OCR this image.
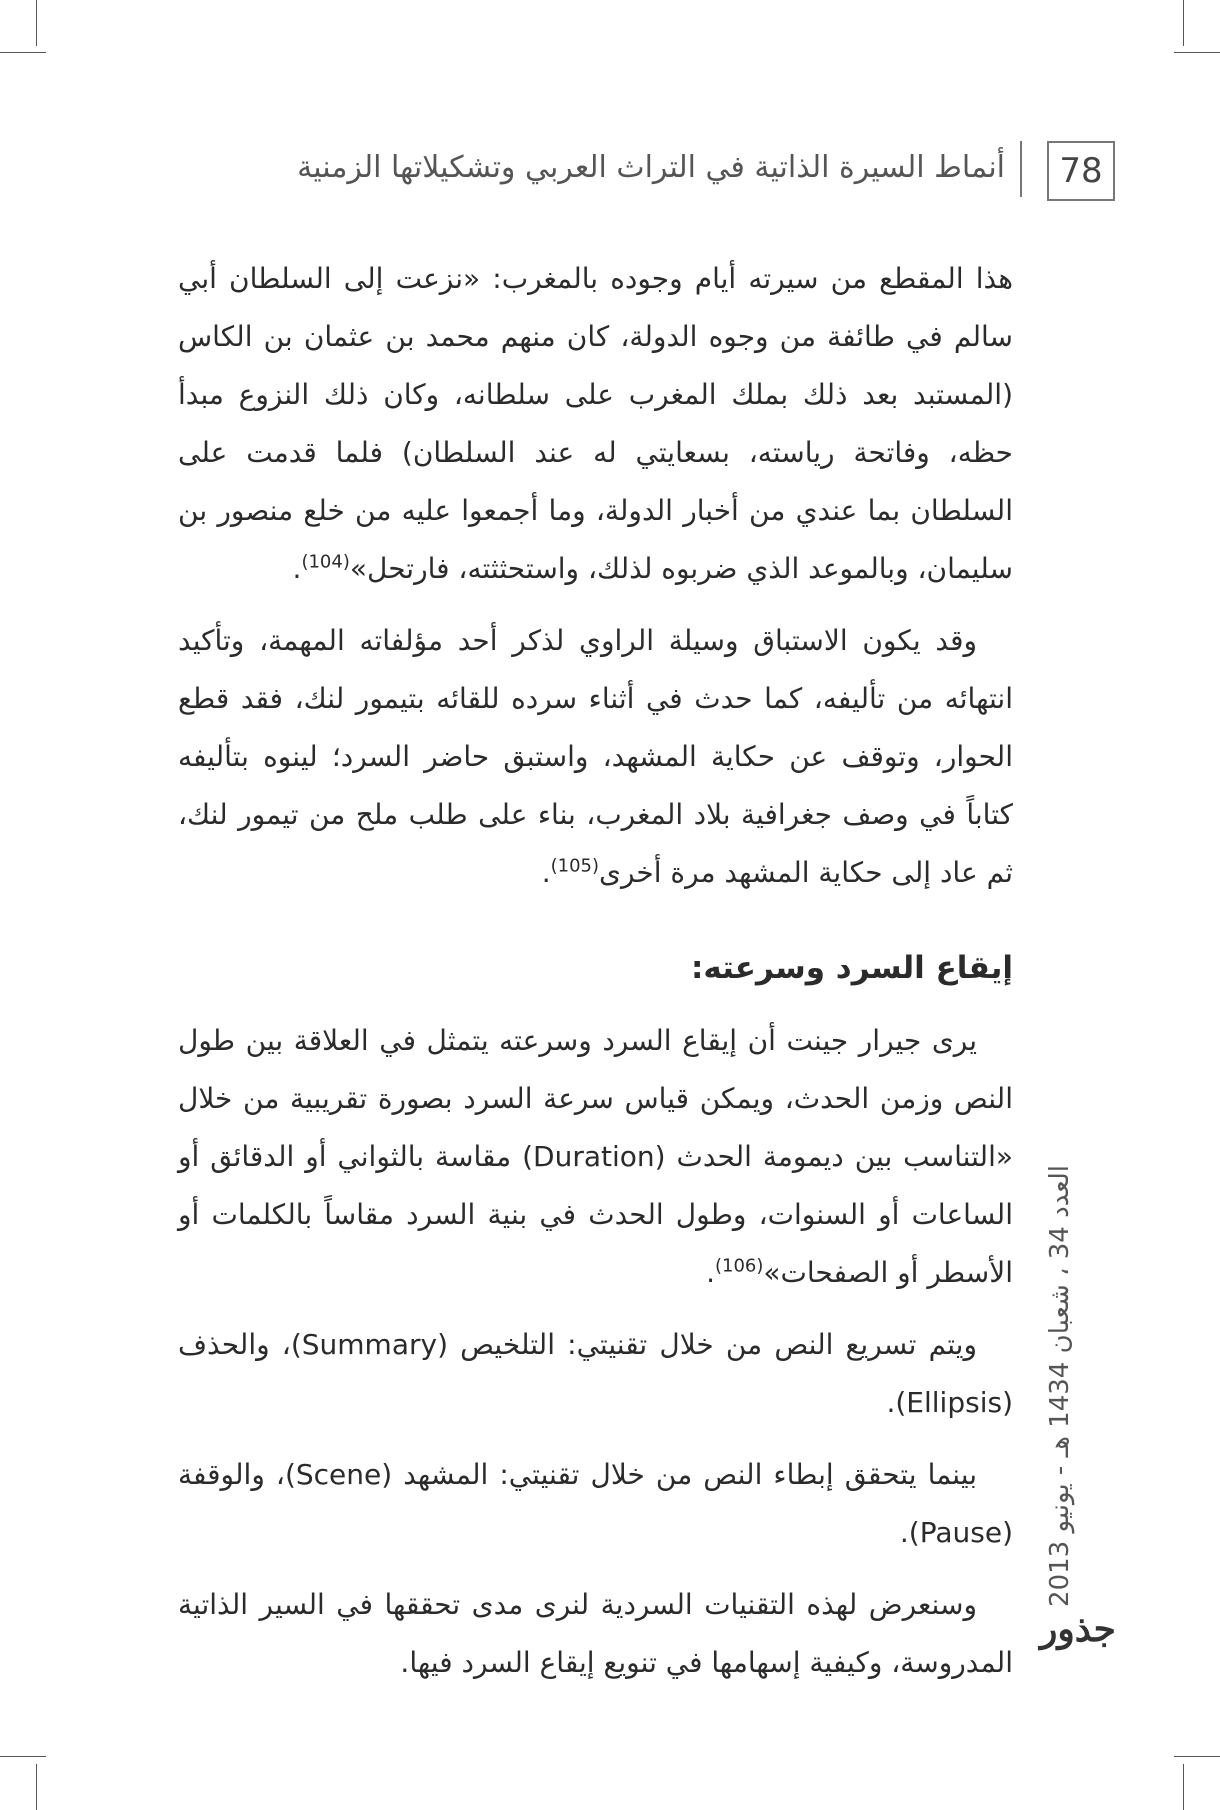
78
أنماط السيرة الذاتية في التراث العربي وتشكيلاتها الزمنية

هذا المقطع من سيرته أيام وجوده بالمغرب: «نزعت إلى السلطان أبي سالم في طائفة من وجوه الدولة، كان منهم محمد بن عثمان بن الكاس (المستبد بعد ذلك بملك المغرب على سلطانه، وكان ذلك النزوع مبدأ حظه، وفاتحة رياسته، بسعايتي له عند السلطان) فلما قدمت على السلطان بما عندي من أخبار الدولة، وما أجمعوا عليه من خلع منصور بن سليمان، وبالموعد الذي ضربوه لذلك، واستحثثته، فارتحل»$^{(104)}$.

وقد يكون الاستباق وسيلة الراوي لذكر أحد مؤلفاته المهمة، وتأكيد انتهائه من تأليفه، كما حدث في أثناء سرده للقائه بتيمور لنك، فقد قطع الحوار، وتوقف عن حكاية المشهد، واستبق حاضر السرد؛ لينوه بتأليفه كتاباً في وصف جغرافية بلاد المغرب، بناء على طلب ملح من تيمور لنك، ثم عاد إلى حكاية المشهد مرة أخرى$^{(105)}$.

إيقاع السرد وسرعته:

يرى جيرار جينت أن إيقاع السرد وسرعته يتمثل في العلاقة بين طول النص وزمن الحدث، ويمكن قياس سرعة السرد بصورة تقريبية من خلال «التناسب بين ديمومة الحدث (Duration) مقاسة بالثواني أو الدقائق أو الساعات أو السنوات، وطول الحدث في بنية السرد مقاساً بالكلمات أو الأسطر أو الصفحات»$^{(106)}$.

ويتم تسريع النص من خلال تقنيتي: التلخيص (Summary)، والحذف (Ellipsis).

بينما يتحقق إبطاء النص من خلال تقنيتي: المشهد (Scene)، والوقفة (Pause).

وسنعرض لهذه التقنيات السردية لنرى مدى تحققها في السير الذاتية المدروسة، وكيفية إسهامها في تنويع إيقاع السرد فيها.

العدد 34 ، شعبان 1434 هـ - يونيو 2013
جذور
